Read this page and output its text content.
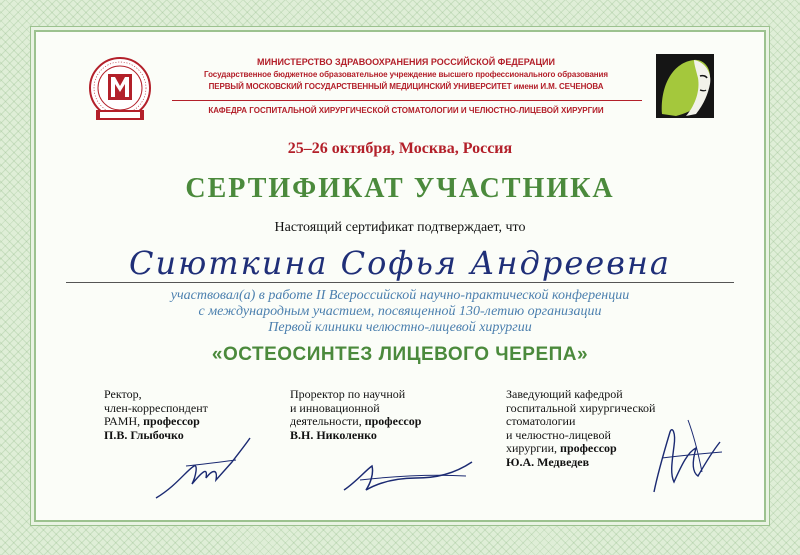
МИНИСТЕРСТВО ЗДРАВООХРАНЕНИЯ РОССИЙСКОЙ ФЕДЕРАЦИИ
Государственное бюджетное образовательное учреждение высшего профессионального образования
ПЕРВЫЙ МОСКОВСКИЙ ГОСУДАРСТВЕННЫЙ МЕДИЦИНСКИЙ УНИВЕРСИТЕТ имени И.М. СЕЧЕНОВА
КАФЕДРА ГОСПИТАЛЬНОЙ ХИРУРГИЧЕСКОЙ СТОМАТОЛОГИИ И ЧЕЛЮСТНО-ЛИЦЕВОЙ ХИРУРГИИ
25–26 октября, Москва, Россия
СЕРТИФИКАТ УЧАСТНИКА
Настоящий сертификат подтверждает, что
Сиюткина Софья Андреевна
участвовал(а) в работе II Всероссийской научно-практической конференции
с международным участием, посвященной 130-летию организации
Первой клиники челюстно-лицевой хирургии
«ОСТЕОСИНТЕЗ ЛИЦЕВОГО ЧЕРЕПА»
Ректор,
член-корреспондент
РАМН, профессор
П.В. Глыбочко
Проректор по научной
и инновационной
деятельности, профессор
В.Н. Николенко
Заведующий кафедрой
госпитальной хирургической
стоматологии
и челюстно-лицевой
хирургии, профессор
Ю.А. Медведев
